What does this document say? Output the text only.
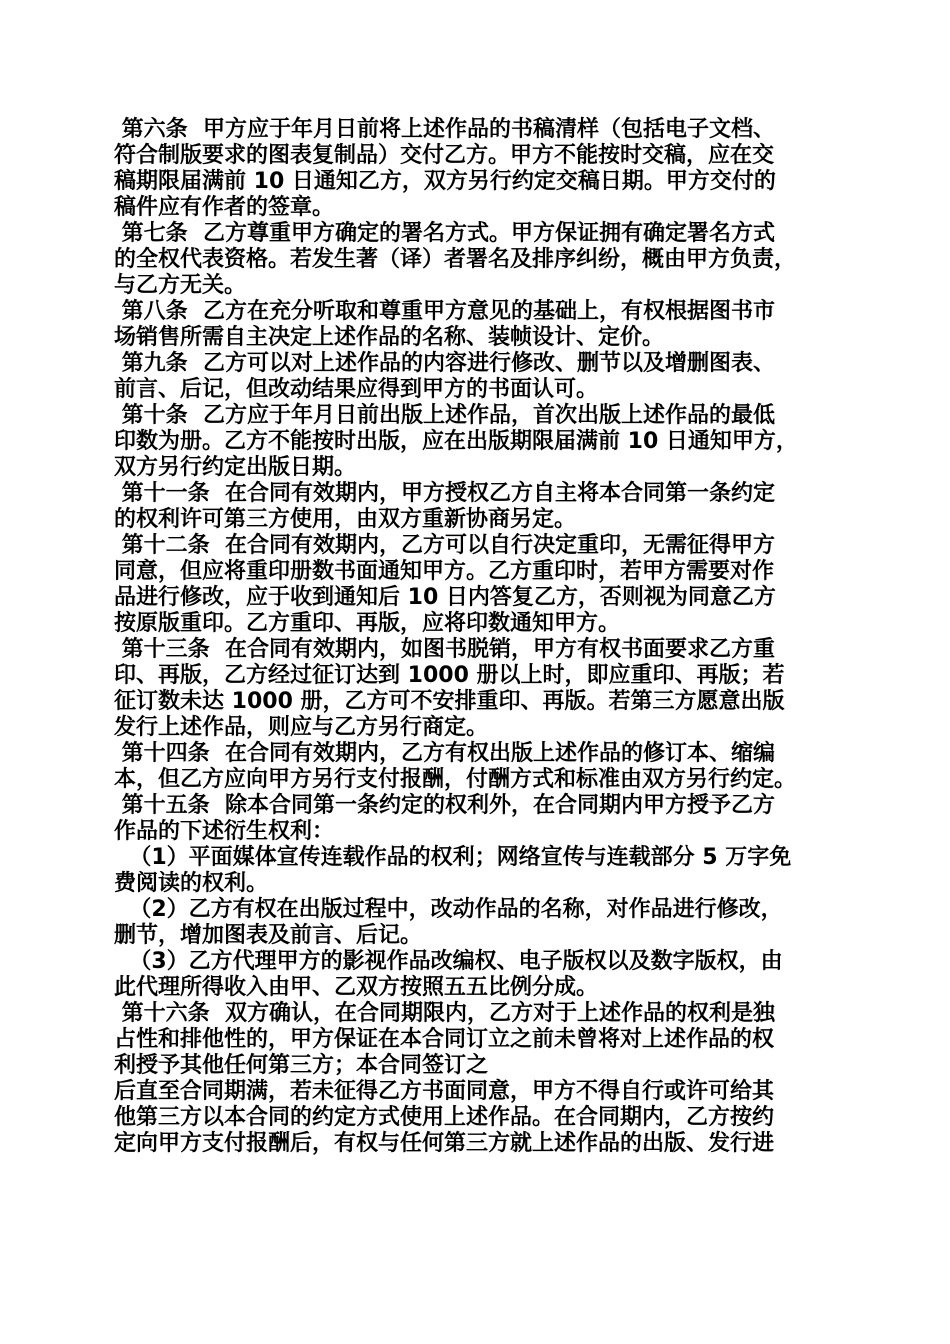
第六条  甲方应于年月日前将上述作品的书稿清样（包括电子文档、
符合制版要求的图表复制品）交付乙方。甲方不能按时交稿，应在交
稿期限届满前 10 日通知乙方，双方另行约定交稿日期。甲方交付的
稿件应有作者的签章。
第七条  乙方尊重甲方确定的署名方式。甲方保证拥有确定署名方式
的全权代表资格。若发生著（译）者署名及排序纠纷，概由甲方负责，
与乙方无关。
第八条  乙方在充分听取和尊重甲方意见的基础上，有权根据图书市
场销售所需自主决定上述作品的名称、装帧设计、定价。
第九条  乙方可以对上述作品的内容进行修改、删节以及增删图表、
前言、后记，但改动结果应得到甲方的书面认可。
第十条  乙方应于年月日前出版上述作品，首次出版上述作品的最低
印数为册。乙方不能按时出版，应在出版期限届满前 10 日通知甲方，
双方另行约定出版日期。
第十一条  在合同有效期内，甲方授权乙方自主将本合同第一条约定
的权利许可第三方使用，由双方重新协商另定。
第十二条  在合同有效期内，乙方可以自行决定重印，无需征得甲方
同意，但应将重印册数书面通知甲方。乙方重印时，若甲方需要对作
品进行修改，应于收到通知后 10 日内答复乙方，否则视为同意乙方
按原版重印。乙方重印、再版，应将印数通知甲方。
第十三条  在合同有效期内，如图书脱销，甲方有权书面要求乙方重
印、再版，乙方经过征订达到 1000 册以上时，即应重印、再版；若
征订数未达 1000 册，乙方可不安排重印、再版。若第三方愿意出版
发行上述作品，则应与乙方另行商定。
第十四条  在合同有效期内，乙方有权出版上述作品的修订本、缩编
本，但乙方应向甲方另行支付报酬，付酬方式和标准由双方另行约定。
第十五条  除本合同第一条约定的权利外，在合同期内甲方授予乙方
作品的下述衍生权利：
（1）平面媒体宣传连载作品的权利；网络宣传与连载部分 5 万字免
费阅读的权利。
（2）乙方有权在出版过程中，改动作品的名称，对作品进行修改，
删节，增加图表及前言、后记。
（3）乙方代理甲方的影视作品改编权、电子版权以及数字版权，由
此代理所得收入由甲、乙双方按照五五比例分成。
第十六条  双方确认，在合同期限内，乙方对于上述作品的权利是独
占性和排他性的，甲方保证在本合同订立之前未曾将对上述作品的权
利授予其他任何第三方；本合同签订之
后直至合同期满，若未征得乙方书面同意，甲方不得自行或许可给其
他第三方以本合同的约定方式使用上述作品。在合同期内，乙方按约
定向甲方支付报酬后，有权与任何第三方就上述作品的出版、发行进
